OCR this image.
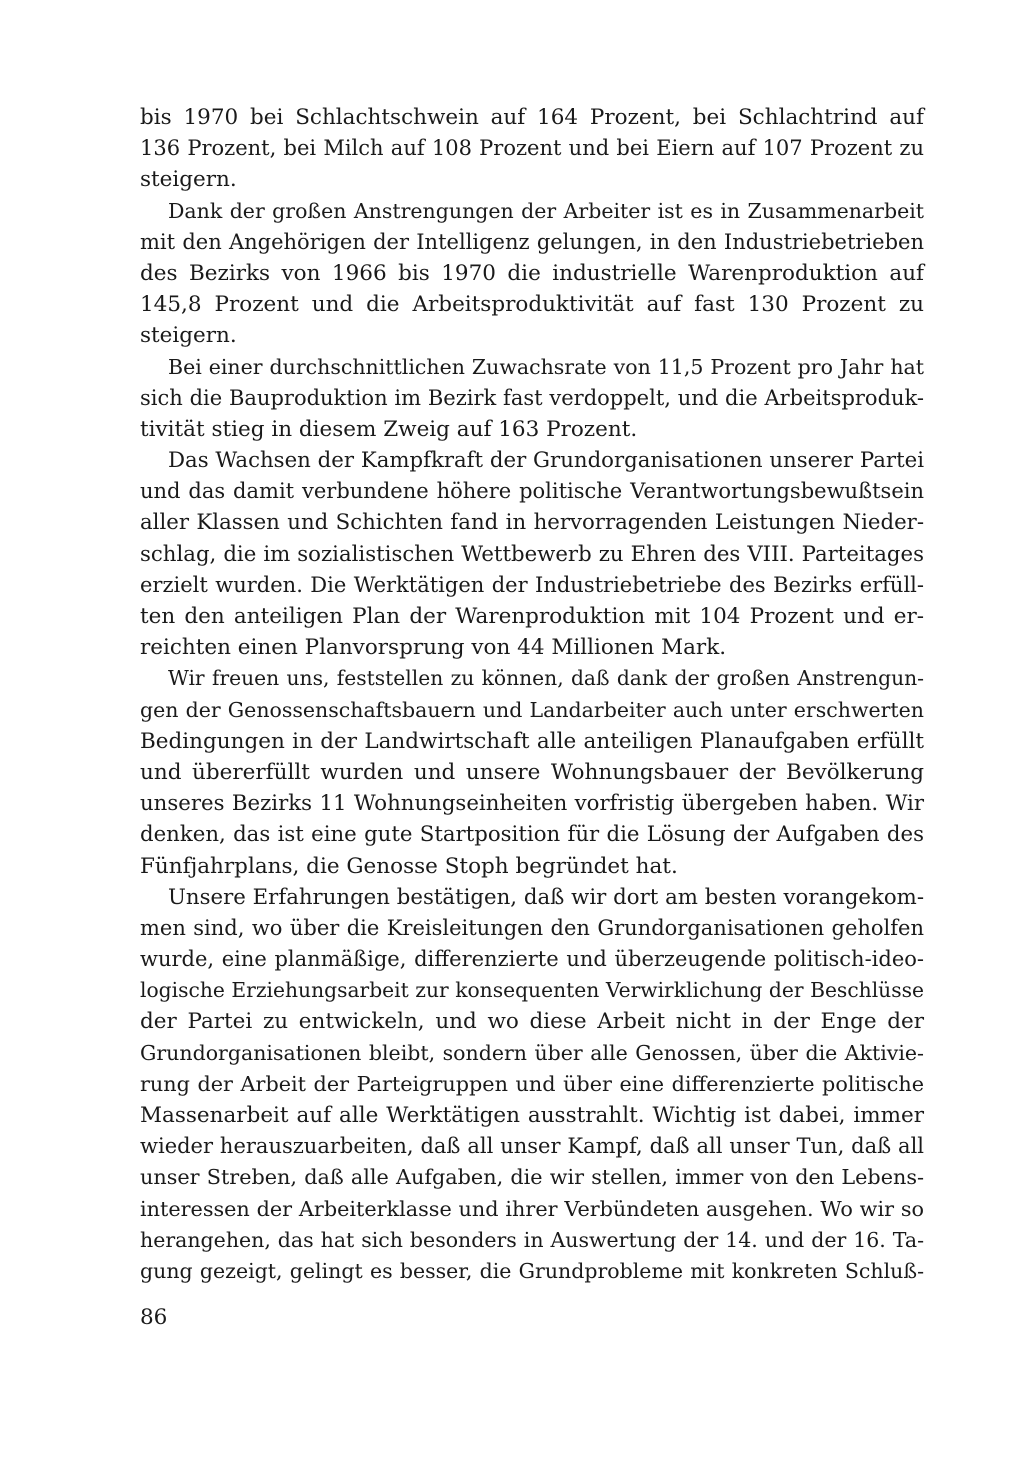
bis 1970 bei Schlachtschwein auf 164 Prozent, bei Schlachtrind auf
136 Prozent, bei Milch auf 108 Prozent und bei Eiern auf 107 Prozent zu
steigern.
Dank der großen Anstrengungen der Arbeiter ist es in Zusammenarbeit
mit den Angehörigen der Intelligenz gelungen, in den Industriebetrieben
des Bezirks von 1966 bis 1970 die industrielle Warenproduktion auf
145,8 Prozent und die Arbeitsproduktivität auf fast 130 Prozent zu
steigern.
Bei einer durchschnittlichen Zuwachsrate von 11,5 Prozent pro Jahr hat
sich die Bauproduktion im Bezirk fast verdoppelt, und die Arbeitsproduk-
tivität stieg in diesem Zweig auf 163 Prozent.
Das Wachsen der Kampfkraft der Grundorganisationen unserer Partei
und das damit verbundene höhere politische Verantwortungsbewußtsein
aller Klassen und Schichten fand in hervorragenden Leistungen Nieder-
schlag, die im sozialistischen Wettbewerb zu Ehren des VIII. Parteitages
erzielt wurden. Die Werktätigen der Industriebetriebe des Bezirks erfüll-
ten den anteiligen Plan der Warenproduktion mit 104 Prozent und er-
reichten einen Planvorsprung von 44 Millionen Mark.
Wir freuen uns, feststellen zu können, daß dank der großen Anstrengun-
gen der Genossenschaftsbauern und Landarbeiter auch unter erschwerten
Bedingungen in der Landwirtschaft alle anteiligen Planaufgaben erfüllt
und übererfüllt wurden und unsere Wohnungsbauer der Bevölkerung
unseres Bezirks 11 Wohnungseinheiten vorfristig übergeben haben. Wir
denken, das ist eine gute Startposition für die Lösung der Aufgaben des
Fünfjahrplans, die Genosse Stoph begründet hat.
Unsere Erfahrungen bestätigen, daß wir dort am besten vorangekom-
men sind, wo über die Kreisleitungen den Grundorganisationen geholfen
wurde, eine planmäßige, differenzierte und überzeugende politisch-ideo-
logische Erziehungsarbeit zur konsequenten Verwirklichung der Beschlüsse
der Partei zu entwickeln, und wo diese Arbeit nicht in der Enge der
Grundorganisationen bleibt, sondern über alle Genossen, über die Aktivie-
rung der Arbeit der Parteigruppen und über eine differenzierte politische
Massenarbeit auf alle Werktätigen ausstrahlt. Wichtig ist dabei, immer
wieder herauszuarbeiten, daß all unser Kampf, daß all unser Tun, daß all
unser Streben, daß alle Aufgaben, die wir stellen, immer von den Lebens-
interessen der Arbeiterklasse und ihrer Verbündeten ausgehen. Wo wir so
herangehen, das hat sich besonders in Auswertung der 14. und der 16. Ta-
gung gezeigt, gelingt es besser, die Grundprobleme mit konkreten Schluß-
86
